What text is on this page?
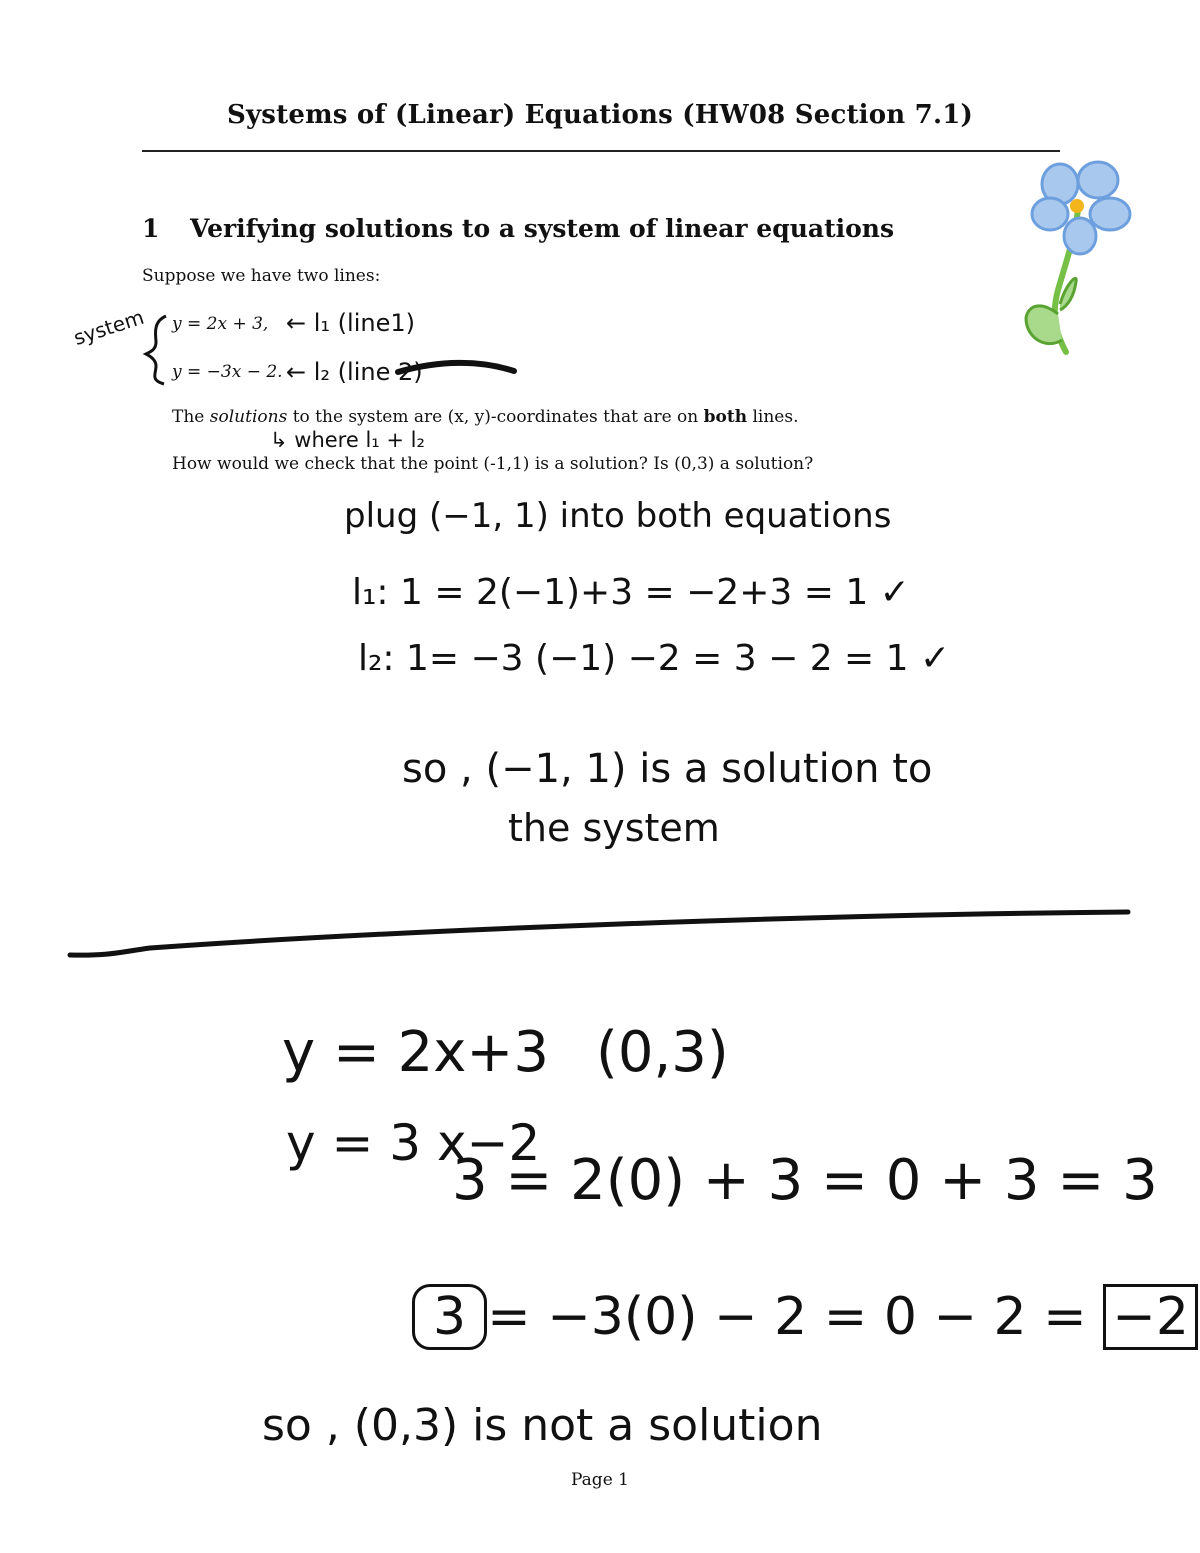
Systems of (Linear) Equations (HW08 Section 7.1)
1 Verifying solutions to a system of linear equations
Suppose we have two lines:
y = 2x + 3,
y = −3x − 2.
The solutions to the system are (x, y)-coordinates that are on both lines.
How would we check that the point (-1,1) is a solution? Is (0,3) a solution?
system	← l₁ (line1)
← l₂ (line 2)
↳ where l₁ + l₂
plug (−1, 1) into both equations
l₁: 1 = 2(−1)+3 = −2+3 = 1 ✓
l₂: 1= −3 (−1) −2 = 3 − 2 = 1 ✓
so , (−1, 1) is a solution to
the system
y = 2x+3 (0,3)
y = 3 x−2
3 = 2(0) + 3 = 0 + 3 = 3
3 = −3(0) − 2 = 0 − 2 = −2
so , (0,3) is not a solution
Page 1
